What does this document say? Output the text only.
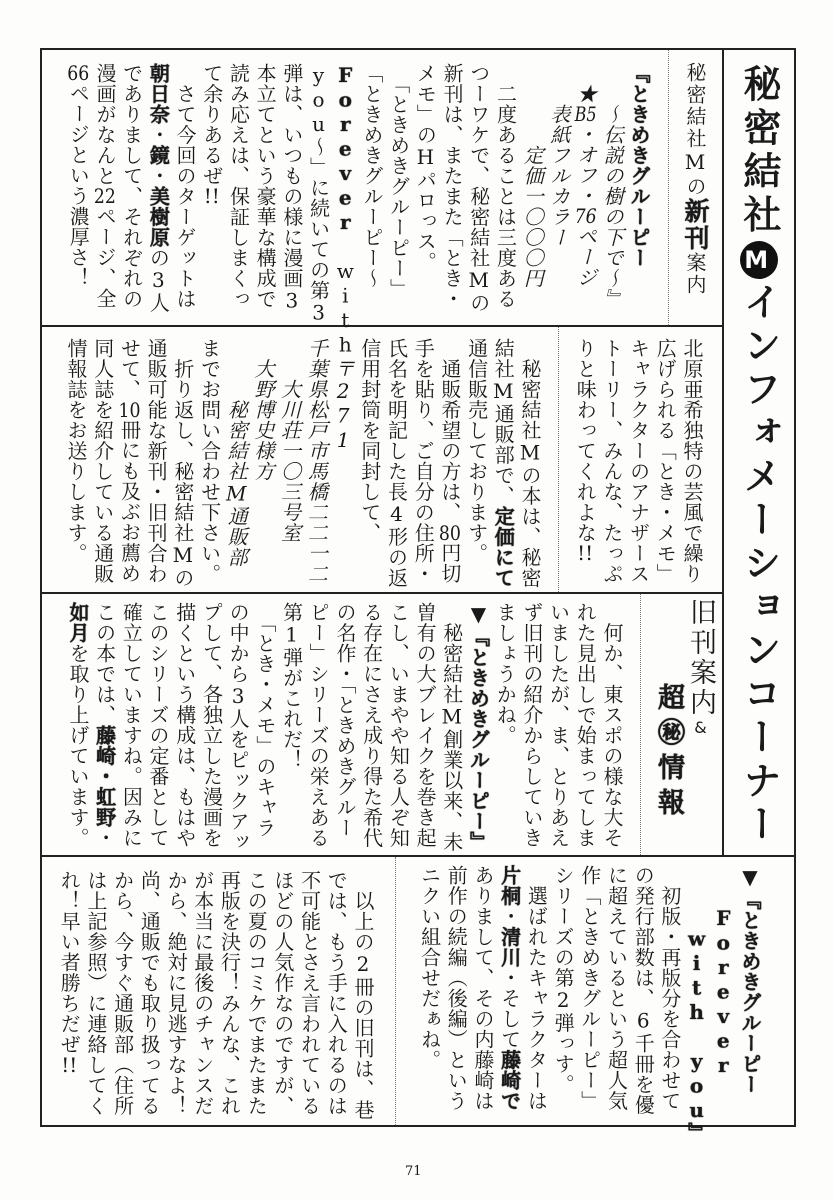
秘密結社Mインフォメーションコーナー
秘密結社Mの新刊案内
『ときめきグルーピー
　　〜伝説の樹の下で〜』
　★B5・オフ・76ページ
　　表紙フルカラー
　　　　定価一〇〇〇円
　二度あることは三度ある
つーワケで、秘密結社Mの
新刊は、またまた「とき・
メモ」のHパロっス。
　「ときめきグルーピー」
「ときめきグルーピー〜
Forever with
you〜」に続いての第3
弾は、いつもの様に漫画3
本立てという豪華な構成で
読み応えは、保証しまくっ
て余りあるぜ!!
　さて今回のターゲットは
朝日奈・鏡・美樹原の3人
でありまして、それぞれの
漫画がなんと22ページ、全
66ページという濃厚さ！
北原亜希独特の芸風で繰り
広げられる「とき・メモ」
キャラクターのアナザース
トーリー、みんな、たっぷ
りと味わってくれよな!!
　秘密結社Mの本は、秘密
結社M通販部で、定価にて
通信販売しております。
　通販希望の方は、80円切
手を貼り、ご自分の住所・
氏名を明記した長4形の返
信用封筒を同封して、
　〒271
千葉県松戸市馬橋二二一二
　　大川荘一〇三号室
　大野博史様方
　　　秘密結社M通販部
までお問い合わせ下さい。
　折り返し、秘密結社Mの
通販可能な新刊・旧刊合わ
せて、10冊にも及ぶお薦め
同人誌を紹介している通販
情報誌をお送りします。
旧刊案内&
超㊙情報
　何か、東スポの様な大そ
れた見出しで始まってしま
いましたが、ま、とりあえ
ず旧刊の紹介からしていき
ましょうかね。
▼『ときめきグルーピー』
　秘密結社M創業以来、未
曽有の大ブレイクを巻き起
こし、いまやや知る人ぞ知
る存在にさえ成り得た希代
の名作・「ときめきグルー
ピー」シリーズの栄えある
第1弾がこれだ！
　「とき・メモ」のキャラ
の中から3人をピックアッ
プして、各独立した漫画を
描くという構成は、もはや
このシリーズの定番として
確立していますね。因みに
この本では、藤崎・虹野・
如月を取り上げています。
▼『ときめきグルーピー
　　Forever
　　　with you』
　初版・再版分を合わせて
の発行部数は、6千冊を優
に超えているという超人気
作「ときめきグルーピー」
シリーズの第2弾っす。
　選ばれたキャラクターは
片桐・清川・そして藤崎で
ありまして、その内藤崎は
前作の続編（後編）という
ニクい組合せだぁね。
　以上の2冊の旧刊は、巷
では、もう手に入れるのは
不可能とさえ言われている
ほどの人気作なのですが、
この夏のコミケでまたまた
再版を決行！みんな、これ
が本当に最後のチャンスだ
から、絶対に見逃すなよ！
尚、通販でも取り扱ってる
から、今すぐ通販部（住所
は上記参照）に連絡してく
れ！早い者勝ちだぜ!!
71
